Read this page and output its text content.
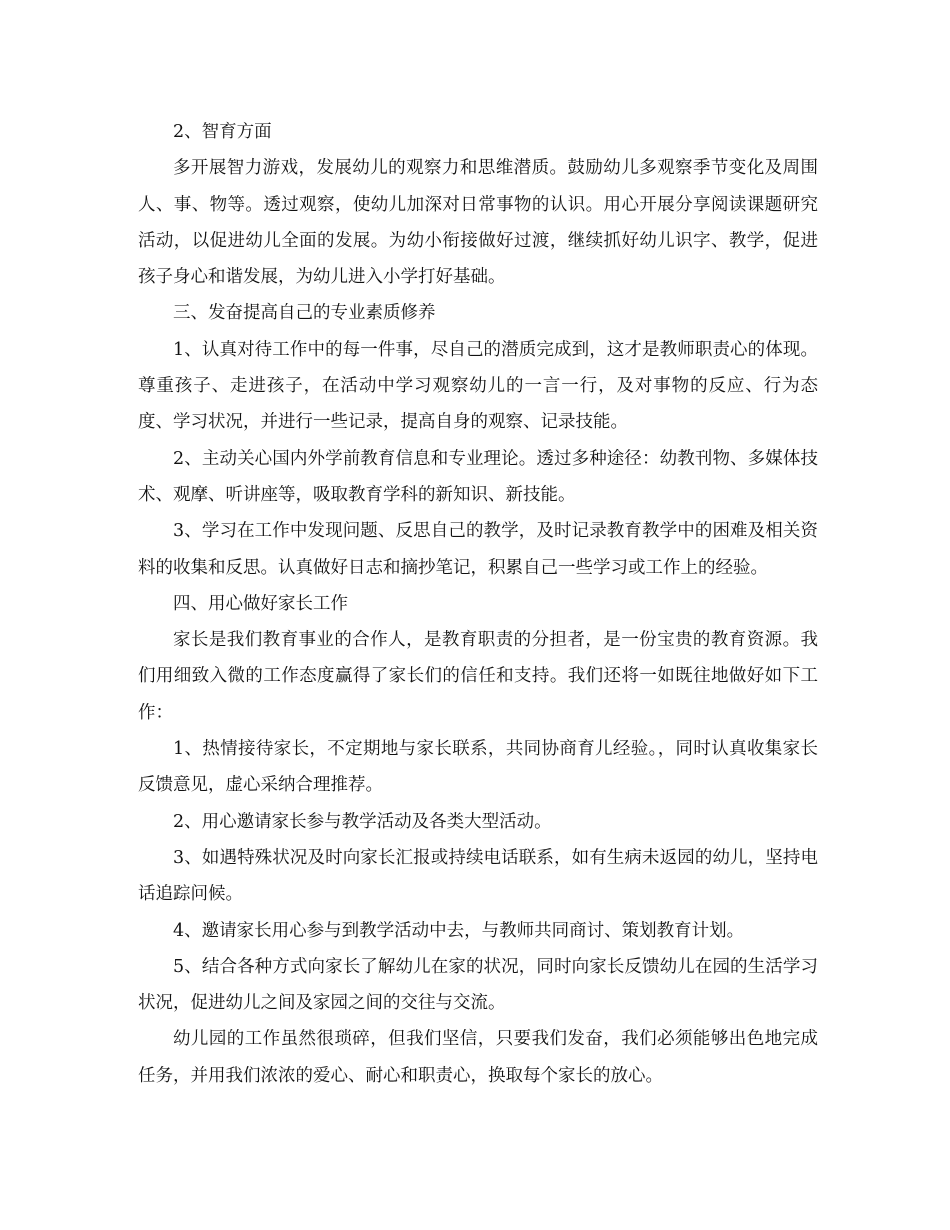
2、智育方面

多开展智力游戏，发展幼儿的观察力和思维潜质。鼓励幼儿多观察季节变化及周围人、事、物等。透过观察，使幼儿加深对日常事物的认识。用心开展分享阅读课题研究活动，以促进幼儿全面的发展。为幼小衔接做好过渡，继续抓好幼儿识字、教学，促进孩子身心和谐发展，为幼儿进入小学打好基础。

三、发奋提高自己的专业素质修养

1、认真对待工作中的每一件事，尽自己的潜质完成到，这才是教师职责心的体现。尊重孩子、走进孩子，在活动中学习观察幼儿的一言一行，及对事物的反应、行为态度、学习状况，并进行一些记录，提高自身的观察、记录技能。

2、主动关心国内外学前教育信息和专业理论。透过多种途径：幼教刊物、多媒体技术、观摩、听讲座等，吸取教育学科的新知识、新技能。

3、学习在工作中发现问题、反思自己的教学，及时记录教育教学中的困难及相关资料的收集和反思。认真做好日志和摘抄笔记，积累自己一些学习或工作上的经验。

四、用心做好家长工作

家长是我们教育事业的合作人，是教育职责的分担者，是一份宝贵的教育资源。我们用细致入微的工作态度赢得了家长们的信任和支持。我们还将一如既往地做好如下工作：

1、热情接待家长，不定期地与家长联系，共同协商育儿经验。，同时认真收集家长反馈意见，虚心采纳合理推荐。

2、用心邀请家长参与教学活动及各类大型活动。

3、如遇特殊状况及时向家长汇报或持续电话联系，如有生病未返园的幼儿，坚持电话追踪问候。

4、邀请家长用心参与到教学活动中去，与教师共同商讨、策划教育计划。

5、结合各种方式向家长了解幼儿在家的状况，同时向家长反馈幼儿在园的生活学习状况，促进幼儿之间及家园之间的交往与交流。

幼儿园的工作虽然很琐碎，但我们坚信，只要我们发奋，我们必须能够出色地完成任务，并用我们浓浓的爱心、耐心和职责心，换取每个家长的放心。
